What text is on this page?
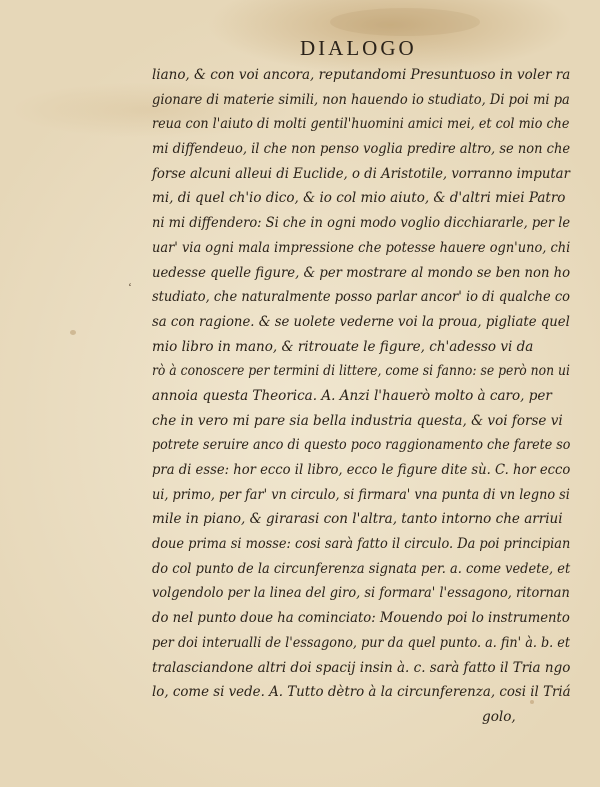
DIALOGO
‘
liano, & con voi ancora, reputandomi Presuntuoso in voler ra
gionare di materie simili, non hauendo io studiato, Di poi mi pa
reua con l'aiuto di molti gentil'huomini amici mei, et col mio che
mi diffendeuo, il che non penso voglia predire altro, se non che
forse alcuni alleui di Euclide, o di Aristotile, vorranno imputar
mi, di quel ch'io dico, & io col mio aiuto, & d'altri miei Patro
ni mi diffendero: Si che in ogni modo voglio dicchiararle, per le
uar' via ogni mala impressione che potesse hauere ogn'uno, chi
uedesse quelle figure, & per mostrare al mondo se ben non ho
studiato, che naturalmente posso parlar ancor' io di qualche co
sa con ragione. & se uolete vederne voi la proua, pigliate quel
mio libro in mano, & ritrouate le figure, ch'adesso vi da
rò à conoscere per termini di littere, come si fanno: se però non ui
annoia questa Theorica. A. Anzi l'hauerò molto à caro, per
che in vero mi pare sia bella industria questa, & voi forse vi
potrete seruire anco di questo poco raggionamento che farete so
pra di esse: hor ecco il libro, ecco le figure dite sù. C. hor ecco
ui, primo, per far' vn circulo, si firmara' vna punta di vn legno si
mile in piano, & girarasi con l'altra, tanto intorno che arriui
doue prima si mosse: cosi sarà fatto il circulo. Da poi principian
do col punto de la circunferenza signata per. a. come vedete, et
volgendolo per la linea del giro, si formara' l'essagono, ritornan
do nel punto doue ha cominciato: Mouendo poi lo instrumento
per doi interualli de l'essagono, pur da quel punto. a. fin' à. b. et
tralasciandone altri doi spacij insin à. c. sarà fatto il Tria ngo
lo, come si vede. A. Tutto dètro à la circunferenza, cosi il Triá
golo,
